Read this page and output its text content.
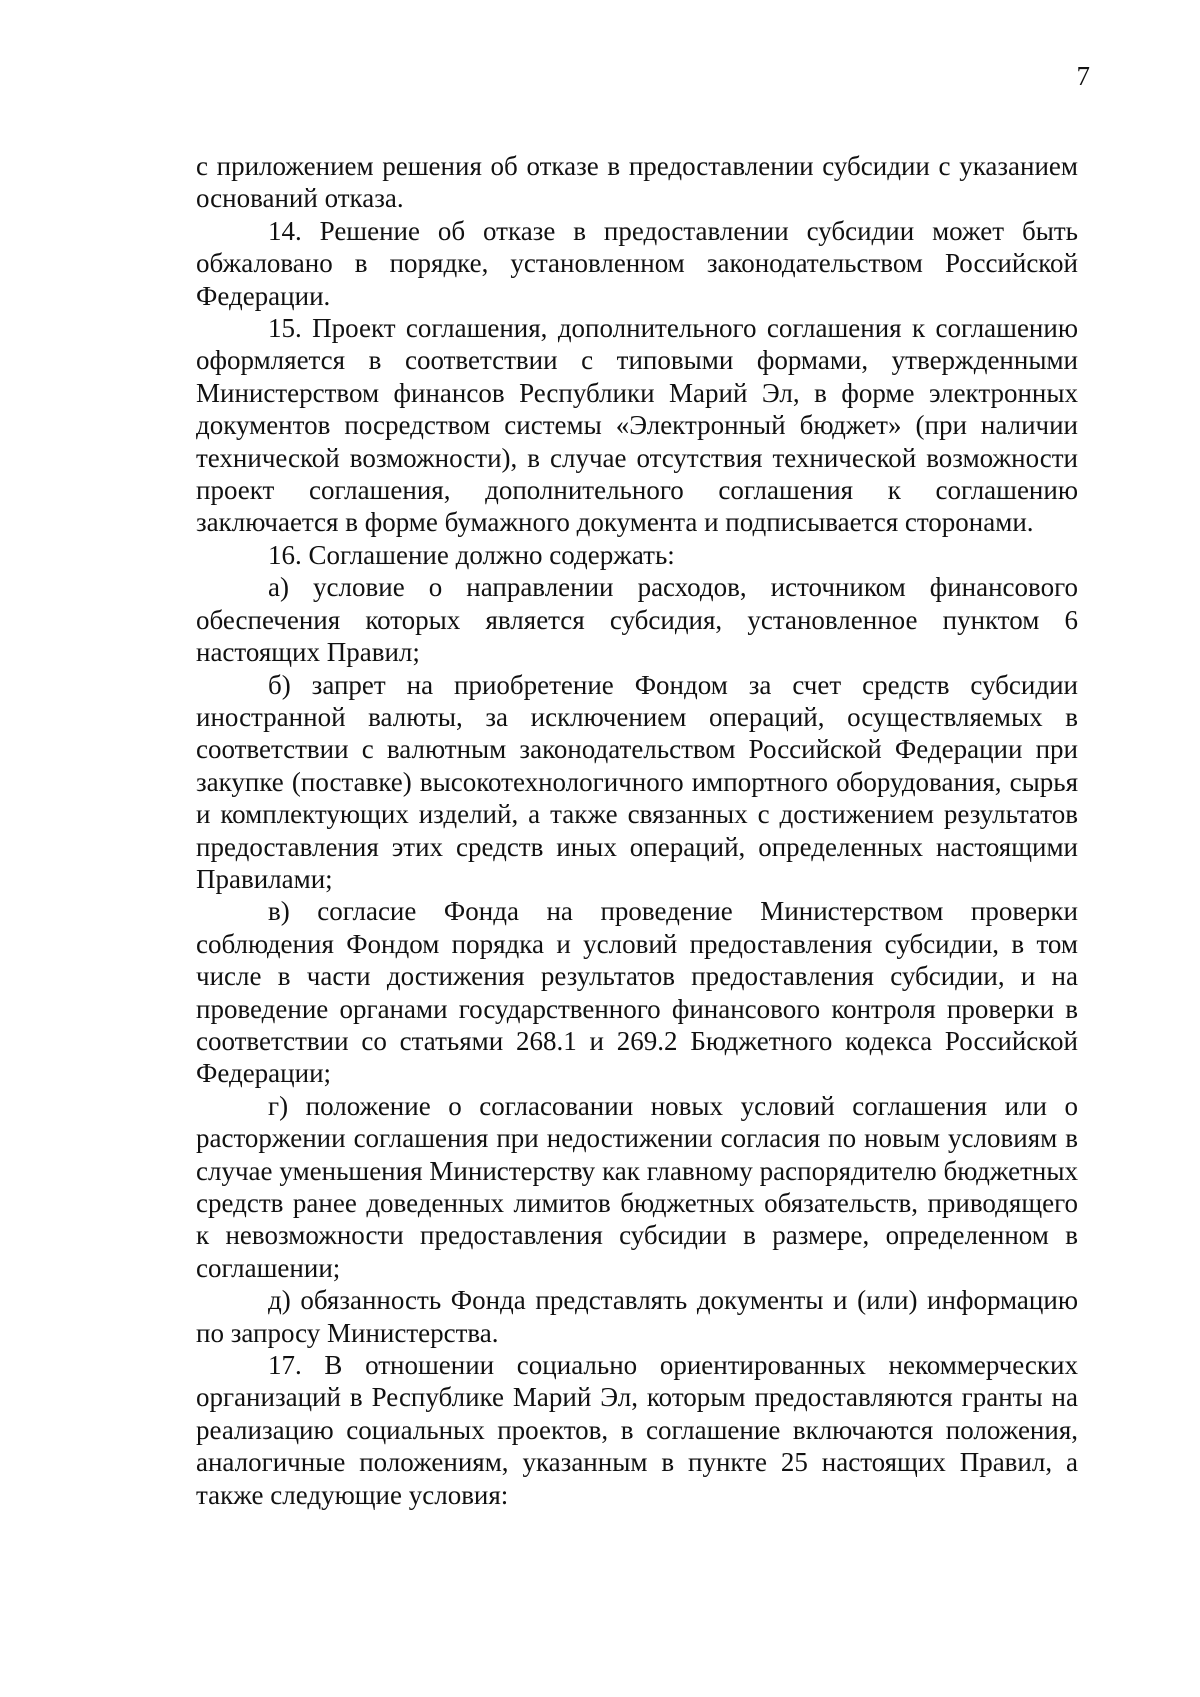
7

с приложением решения об отказе в предоставлении субсидии с указанием оснований отказа.

14. Решение об отказе в предоставлении субсидии может быть обжаловано в порядке, установленном законодательством Российской Федерации.

15. Проект соглашения, дополнительного соглашения к соглашению оформляется в соответствии с типовыми формами, утвержденными Министерством финансов Республики Марий Эл, в форме электронных документов посредством системы «Электронный бюджет» (при наличии технической возможности), в случае отсутствия технической возможности проект соглашения, дополнительного соглашения к соглашению заключается в форме бумажного документа и подписывается сторонами.

16. Соглашение должно содержать:

а) условие о направлении расходов, источником финансового обеспечения которых является субсидия, установленное пунктом 6 настоящих Правил;

б) запрет на приобретение Фондом за счет средств субсидии иностранной валюты, за исключением операций, осуществляемых в соответствии с валютным законодательством Российской Федерации при закупке (поставке) высокотехнологичного импортного оборудования, сырья и комплектующих изделий, а также связанных с достижением результатов предоставления этих средств иных операций, определенных настоящими Правилами;

в) согласие Фонда на проведение Министерством проверки соблюдения Фондом порядка и условий предоставления субсидии, в том числе в части достижения результатов предоставления субсидии, и на проведение органами государственного финансового контроля проверки в соответствии со статьями 268.1 и 269.2 Бюджетного кодекса Российской Федерации;

г) положение о согласовании новых условий соглашения или о расторжении соглашения при недостижении согласия по новым условиям в случае уменьшения Министерству как главному распорядителю бюджетных средств ранее доведенных лимитов бюджетных обязательств, приводящего к невозможности предоставления субсидии в размере, определенном в соглашении;

д) обязанность Фонда представлять документы и (или) информацию по запросу Министерства.

17. В отношении социально ориентированных некоммерческих организаций в Республике Марий Эл, которым предоставляются гранты на реализацию социальных проектов, в соглашение включаются положения, аналогичные положениям, указанным в пункте 25 настоящих Правил, а также следующие условия:
